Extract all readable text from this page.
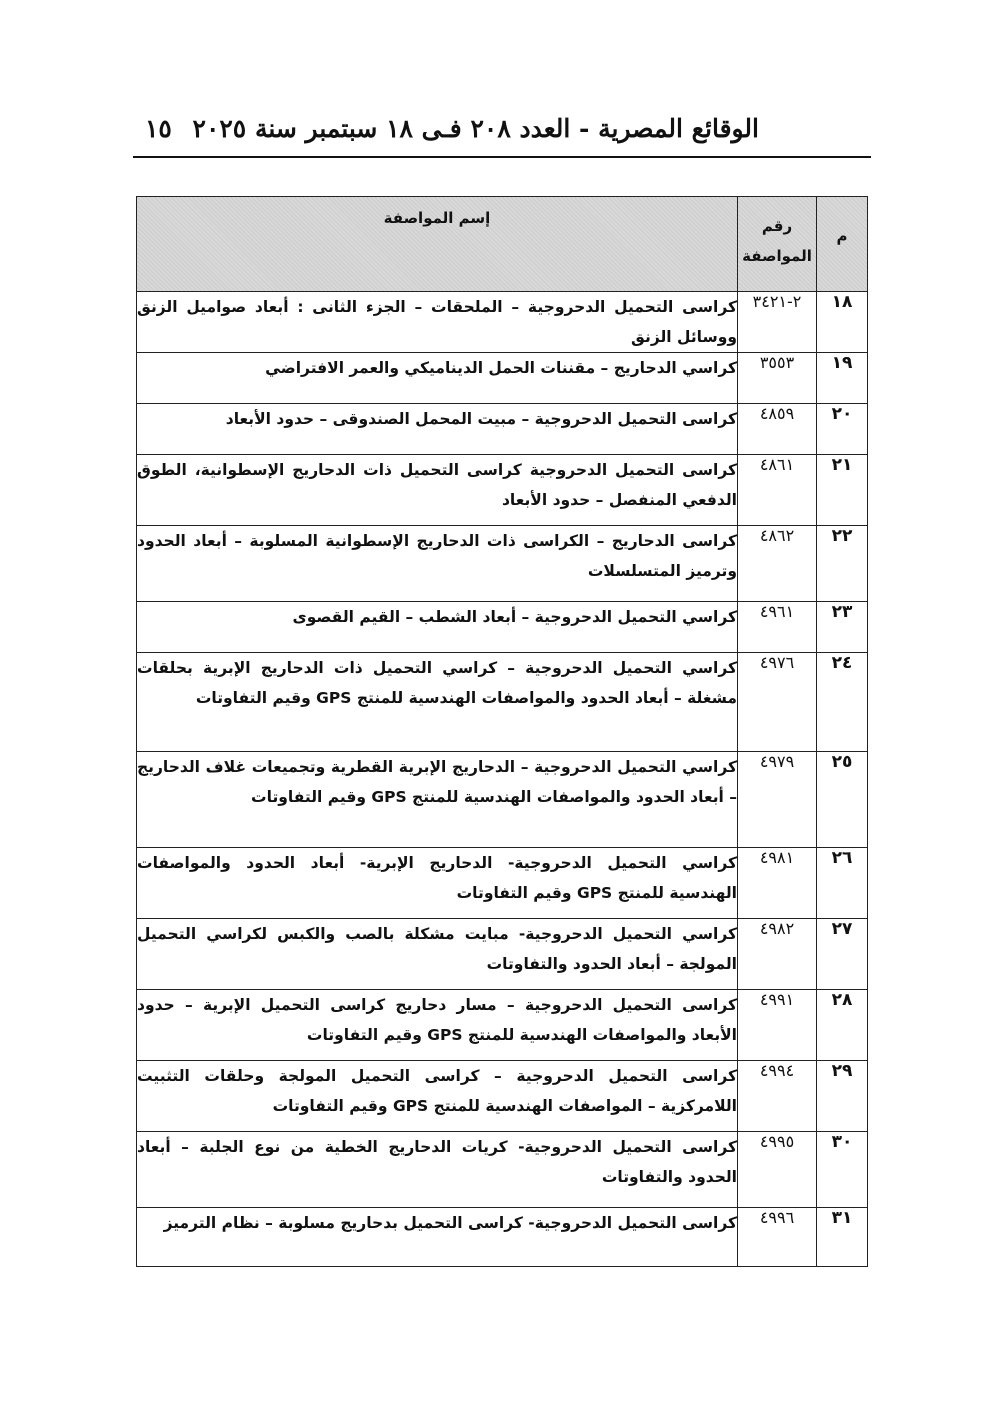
الوقائع المصرية - العدد ٢٠٨ فـى ١٨ سبتمبر سنة ٢٠٢٥
١٥
م	رقم المواصفة	إسم المواصفة

١٨	٢-٣٤٢١	كراسى التحميل الدحروجية – الملحقات – الجزء الثانى : أبعاد صواميل الزنق ووسائل الزنق
١٩	٣٥٥٣	كراسي الدحاريج – مقننات الحمل الديناميكي والعمر الافتراضي
٢٠	٤٨٥٩	كراسى التحميل الدحروجية – مبيت المحمل الصندوقى – حدود الأبعاد
٢١	٤٨٦١	كراسى التحميل الدحروجية كراسى التحميل ذات الدحاريج الإسطوانية، الطوق الدفعي المنفصل – حدود الأبعاد
٢٢	٤٨٦٢	كراسى الدحاريج – الكراسى ذات الدحاريج الإسطوانية المسلوبة – أبعاد الحدود وترميز المتسلسلات
٢٣	٤٩٦١	كراسي التحميل الدحروجية – أبعاد الشطب – القيم القصوى
٢٤	٤٩٧٦	كراسي التحميل الدحروجية – كراسي التحميل ذات الدحاريج الإبرية بحلقات مشغلة – أبعاد الحدود والمواصفات الهندسية للمنتج GPS وقيم التفاوتات
٢٥	٤٩٧٩	كراسي التحميل الدحروجية – الدحاريج الإبرية القطرية وتجميعات غلاف الدحاريج – أبعاد الحدود والمواصفات الهندسية للمنتج GPS وقيم التفاوتات
٢٦	٤٩٨١	كراسي التحميل الدحروجية- الدحاريج الإبرية- أبعاد الحدود والمواصفات الهندسية للمنتج GPS وقيم التفاوتات
٢٧	٤٩٨٢	كراسي التحميل الدحروجية- مبايت مشكلة بالصب والكبس لكراسي التحميل المولجة – أبعاد الحدود والتفاوتات
٢٨	٤٩٩١	كراسى التحميل الدحروجية – مسار دحاريج كراسى التحميل الإبرية – حدود الأبعاد والمواصفات الهندسية للمنتج GPS وقيم التفاوتات
٢٩	٤٩٩٤	كراسى التحميل الدحروجية – كراسى التحميل المولجة وحلقات التثبيت اللامركزية – المواصفات الهندسية للمنتج GPS وقيم التفاوتات
٣٠	٤٩٩٥	كراسى التحميل الدحروجية- كريات الدحاريج الخطية من نوع الجلبة – أبعاد الحدود والتفاوتات
٣١	٤٩٩٦	كراسى التحميل الدحروجية- كراسى التحميل بدحاريج مسلوبة – نظام الترميز
